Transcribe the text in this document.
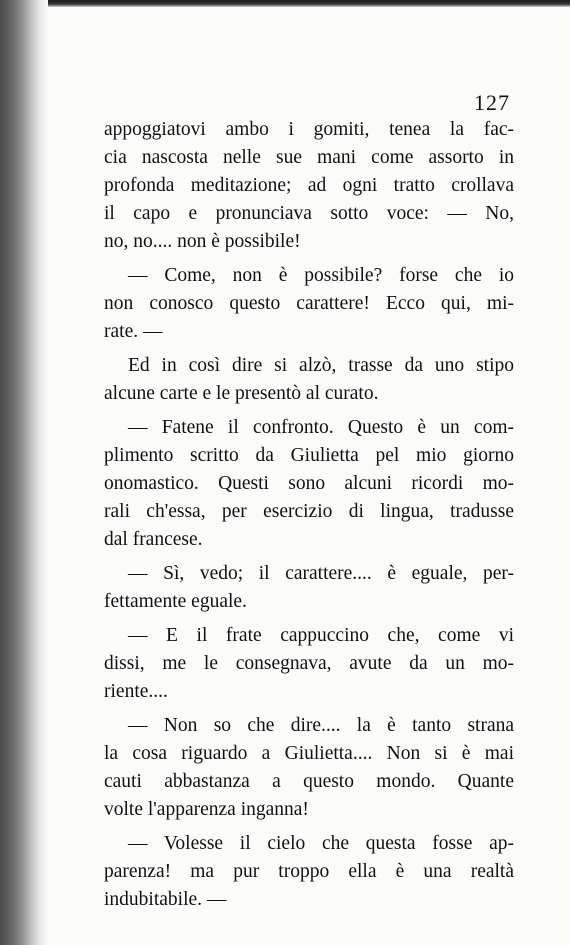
127
appoggiatovi ambo i gomiti, tenea la fac-
cia nascosta nelle sue mani come assorto in
profonda meditazione; ad ogni tratto crollava
il capo e pronunciava sotto voce: — No,
no, no.... non è possibile!
— Come, non è possibile? forse che io
non conosco questo carattere! Ecco qui, mi-
rate. —
Ed in così dire si alzò, trasse da uno stipo
alcune carte e le presentò al curato.
— Fatene il confronto. Questo è un com-
plimento scritto da Giulietta pel mio giorno
onomastico. Questi sono alcuni ricordi mo-
rali ch'essa, per esercizio di lingua, tradusse
dal francese.
— Sì, vedo; il carattere.... è eguale, per-
fettamente eguale.
— E il frate cappuccino che, come vi
dissi, me le consegnava, avute da un mo-
riente....
— Non so che dire.... la è tanto strana
la cosa riguardo a Giulietta.... Non si è mai
cauti abbastanza a questo mondo. Quante
volte l'apparenza inganna!
— Volesse il cielo che questa fosse ap-
parenza! ma pur troppo ella è una realtà
indubitabile. —
